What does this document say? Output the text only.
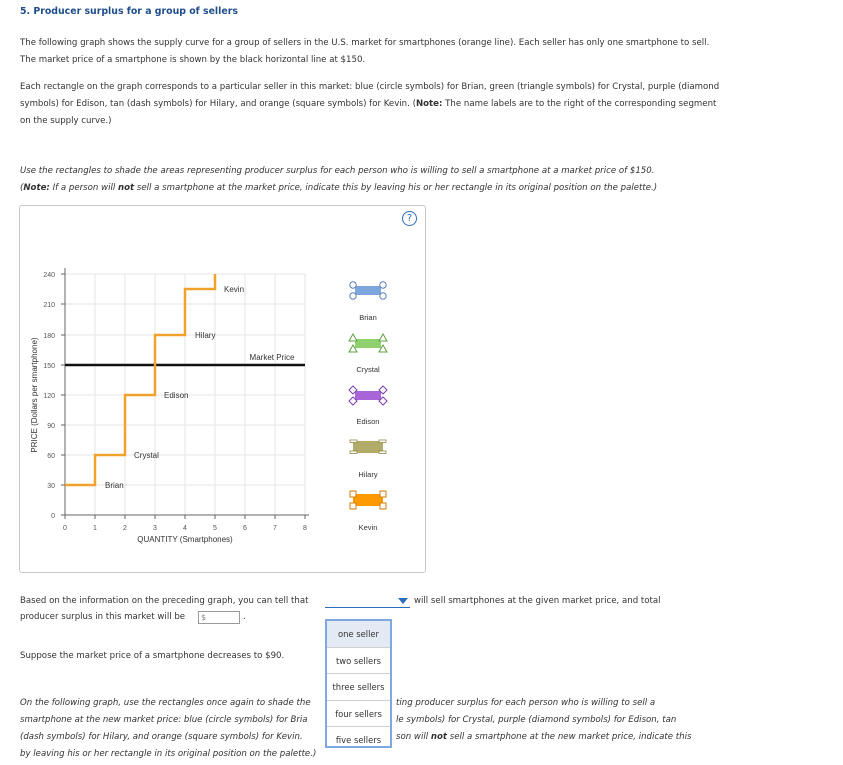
5. Producer surplus for a group of sellers
The following graph shows the supply curve for a group of sellers in the U.S. market for smartphones (orange line). Each seller has only one smartphone to sell. The market price of a smartphone is shown by the black horizontal line at $150.
Each rectangle on the graph corresponds to a particular seller in this market: blue (circle symbols) for Brian, green (triangle symbols) for Crystal, purple (diamond symbols) for Edison, tan (dash symbols) for Hilary, and orange (square symbols) for Kevin. (Note: The name labels are to the right of the corresponding segment on the supply curve.)
Use the rectangles to shade the areas representing producer surplus for each person who is willing to sell a smartphone at a market price of $150.
(Note: If a person will not sell a smartphone at the market price, indicate this by leaving his or her rectangle in its original position on the palette.)
?
240
210
180
150
120
90
60
30
0
0	1	2	3	4	5	6	7	8
QUANTITY (Smartphones)
PRICE (Dollars per smartphone)	Market Price
Brian
Crystal
Edison
Hilary
Kevin
Brian
Crystal
Edison
Hilary
Kevin
Based on the information on the preceding graph, you can tell that	will sell smartphones at the given market price, and total
producer surplus in this market will be	$	.
one seller
two sellers
three sellers
four sellers
five sellers
Suppose the market price of a smartphone decreases to $90.
On the following graph, use the rectangles once again to shade the
smartphone at the new market price: blue (circle symbols) for Bria
(dash symbols) for Hilary, and orange (square symbols) for Kevin.
by leaving his or her rectangle in its original position on the palette.)
ting producer surplus for each person who is willing to sell a
le symbols) for Crystal, purple (diamond symbols) for Edison, tan
son will not sell a smartphone at the new market price, indicate this
